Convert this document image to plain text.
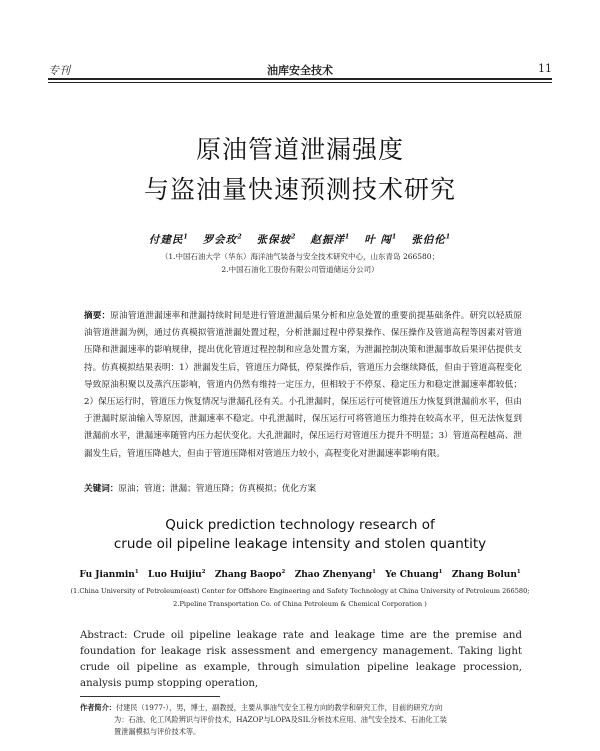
专刊	油库安全技术	11
原油管道泄漏强度
与盗油量快速预测技术研究
付建民$^1$ 罗会玫$^2$ 张保坡$^2$ 赵振洋$^1$ 叶 闯$^1$ 张伯伦$^1$
（1.中国石油大学（华东）海洋油气装备与安全技术研究中心，山东青岛 266580；
2.中国石油化工股份有限公司管道储运分公司）
摘要：原油管道泄漏速率和泄漏持续时间是进行管道泄漏后果分析和应急处置的重要前提基础条件。研究以轻质原油管道泄漏为例，通过仿真模拟管道泄漏处置过程，分析泄漏过程中停泵操作、保压操作及管道高程等因素对管道压降和泄漏速率的影响规律，提出优化管道过程控制和应急处置方案，为泄漏控制决策和泄漏事故后果评估提供支持。仿真模拟结果表明：1）泄漏发生后，管道压力降低，停泵操作后，管道压力会继续降低，但由于管道高程变化导致原油积聚以及蒸汽压影响，管道内仍然有维持一定压力，但相较于不停泵、稳定压力和稳定泄漏速率都较低；2）保压运行时，管道压力恢复情况与泄漏孔径有关。小孔泄漏时，保压运行可使管道压力恢复到泄漏前水平，但由于泄漏时原油输入等原因，泄漏速率不稳定。中孔泄漏时，保压运行可将管道压力维持在较高水平，但无法恢复到泄漏前水平，泄漏速率随管内压力起伏变化。大孔泄漏时，保压运行对管道压力提升不明显；3）管道高程越高、泄漏发生后，管道压降越大，但由于管道压降相对管道压力较小，高程变化对泄漏速率影响有限。
关键词：原油；管道；泄漏；管道压降；仿真模拟；优化方案
Quick prediction technology research of
crude oil pipeline leakage intensity and stolen quantity
Fu Jianmin$^1$ Luo Huijiu$^2$ Zhang Baopo$^2$ Zhao Zhenyang$^1$ Ye Chuang$^1$ Zhang Bolun$^1$
(1.China University of Petroleum(east) Center for Offshore Engineering and Safety Technology at China University of Petroleum 266580;
2.Pipeline Transportation Co. of China Petroleum & Chemical Corporation )
Abstract: Crude oil pipeline leakage rate and leakage time are the premise and foundation for leakage risk assessment and emergency management. Taking light crude oil pipeline as example, through simulation pipeline leakage procession, analysis pump stopping operation,
作者简介：付建民（1977-），男，博士，副教授，主要从事油气安全工程方向的教学和研究工作，目前的研究方向
为：石油、化工风险辨识与评价技术，HAZOP与LOPA及SIL分析技术应用、油气安全技术、石油化工装
置泄漏模拟与评价技术等。
